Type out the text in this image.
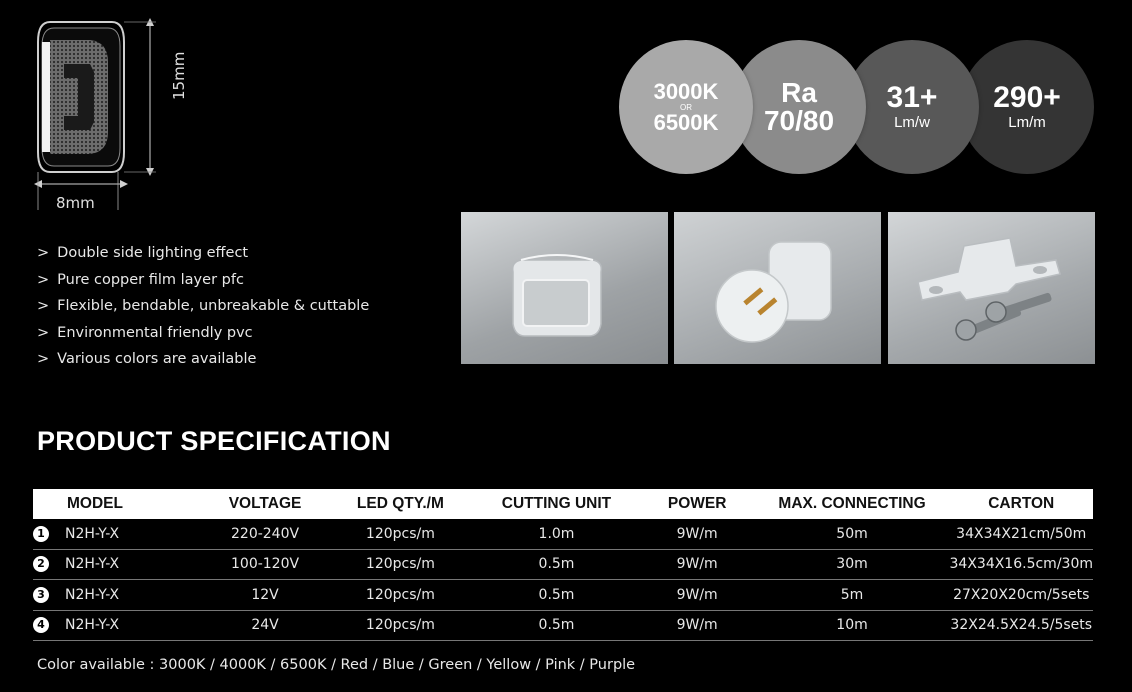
15mm
8mm
> Double side lighting effect
> Pure copper film layer pfc
> Flexible, bendable, unbreakable & cuttable
> Environmental friendly pvc
> Various colors are available
3000K
OR
6500K
Ra
70/80
31+
Lm/w
290+
Lm/m
PRODUCT SPECIFICATION
MODEL	VOLTAGE	LED QTY./M	CUTTING UNIT	POWER	MAX. CONNECTING	CARTON
1 N2H-Y-X	220-240V	120pcs/m	1.0m	9W/m	50m	34X34X21cm/50m
2 N2H-Y-X	100-120V	120pcs/m	0.5m	9W/m	30m	34X34X16.5cm/30m
3 N2H-Y-X	12V	120pcs/m	0.5m	9W/m	5m	27X20X20cm/5sets
4 N2H-Y-X	24V	120pcs/m	0.5m	9W/m	10m	32X24.5X24.5/5sets
Color available : 3000K / 4000K / 6500K / Red / Blue / Green / Yellow / Pink / Purple
